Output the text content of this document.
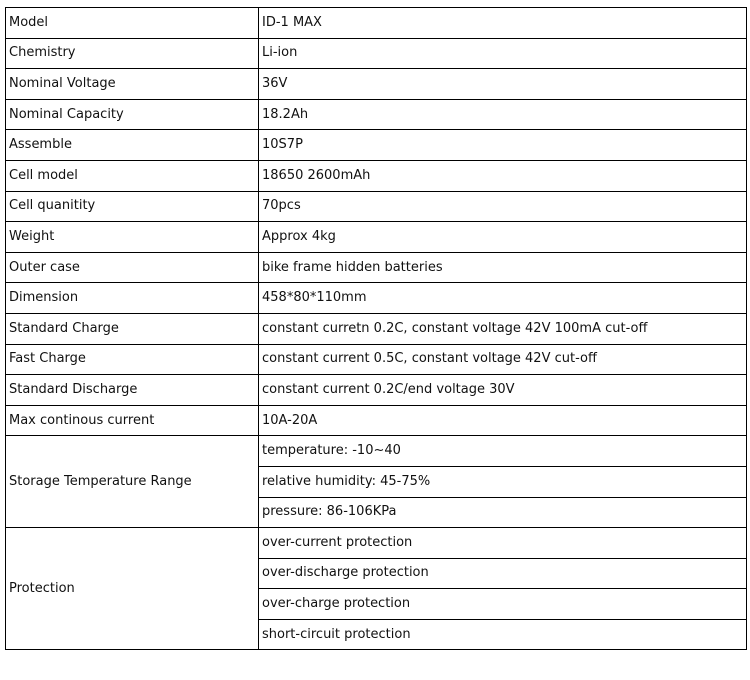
Model	ID-1 MAX
Chemistry	Li-ion
Nominal Voltage	36V
Nominal Capacity	18.2Ah
Assemble	10S7P
Cell model	18650 2600mAh
Cell quanitity	70pcs
Weight	Approx 4kg
Outer case	bike frame hidden batteries
Dimension	458*80*110mm
Standard Charge	constant curretn 0.2C, constant voltage 42V 100mA cut-off
Fast Charge	constant current 0.5C, constant voltage 42V cut-off
Standard Discharge	constant current 0.2C/end voltage 30V
Max continous current	10A-20A
Storage Temperature Range	temperature: -10~40
	relative humidity: 45-75%
	pressure: 86-106KPa
Protection	over-current protection
	over-discharge protection
	over-charge protection
	short-circuit protection
